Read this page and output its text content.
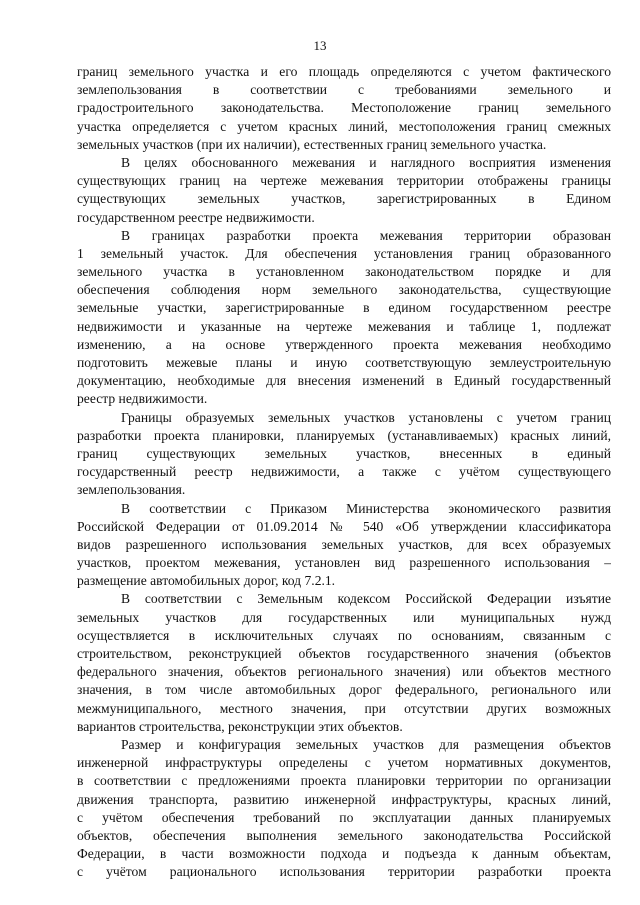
13
границ земельного участка и его площадь определяются с учетом фактического
землепользования в соответствии с требованиями земельного и
градостроительного законодательства. Местоположение границ земельного
участка определяется с учетом красных линий, местоположения границ смежных
земельных участков (при их наличии), естественных границ земельного участка.
В целях обоснованного межевания и наглядного восприятия изменения
существующих границ на чертеже межевания территории отображены границы
существующих земельных участков, зарегистрированных в Едином
государственном реестре недвижимости.
В границах разработки проекта межевания территории образован
1 земельный участок. Для обеспечения установления границ образованного
земельного участка в установленном законодательством порядке и для
обеспечения соблюдения норм земельного законодательства, существующие
земельные участки, зарегистрированные в едином государственном реестре
недвижимости и указанные на чертеже межевания и таблице 1, подлежат
изменению, а на основе утвержденного проекта межевания необходимо
подготовить межевые планы и иную соответствующую землеустроительную
документацию, необходимые для внесения изменений в Единый государственный
реестр недвижимости.
Границы образуемых земельных участков установлены с учетом границ
разработки проекта планировки, планируемых (устанавливаемых) красных линий,
границ существующих земельных участков, внесенных в единый
государственный реестр недвижимости, а также с учётом существующего
землепользования.
В соответствии с Приказом Министерства экономического развития
Российской Федерации от 01.09.2014 № 540 «Об утверждении классификатора
видов разрешенного использования земельных участков, для всех образуемых
участков, проектом межевания, установлен вид разрешенного использования –
размещение автомобильных дорог, код 7.2.1.
В соответствии с Земельным кодексом Российской Федерации изъятие
земельных участков для государственных или муниципальных нужд
осуществляется в исключительных случаях по основаниям, связанным с
строительством, реконструкцией объектов государственного значения (объектов
федерального значения, объектов регионального значения) или объектов местного
значения, в том числе автомобильных дорог федерального, регионального или
межмуниципального, местного значения, при отсутствии других возможных
вариантов строительства, реконструкции этих объектов.
Размер и конфигурация земельных участков для размещения объектов
инженерной инфраструктуры определены с учетом нормативных документов,
в соответствии с предложениями проекта планировки территории по организации
движения транспорта, развитию инженерной инфраструктуры, красных линий,
с учётом обеспечения требований по эксплуатации данных планируемых
объектов, обеспечения выполнения земельного законодательства Российской
Федерации, в части возможности подхода и подъезда к данным объектам,
с учётом рационального использования территории разработки проекта
